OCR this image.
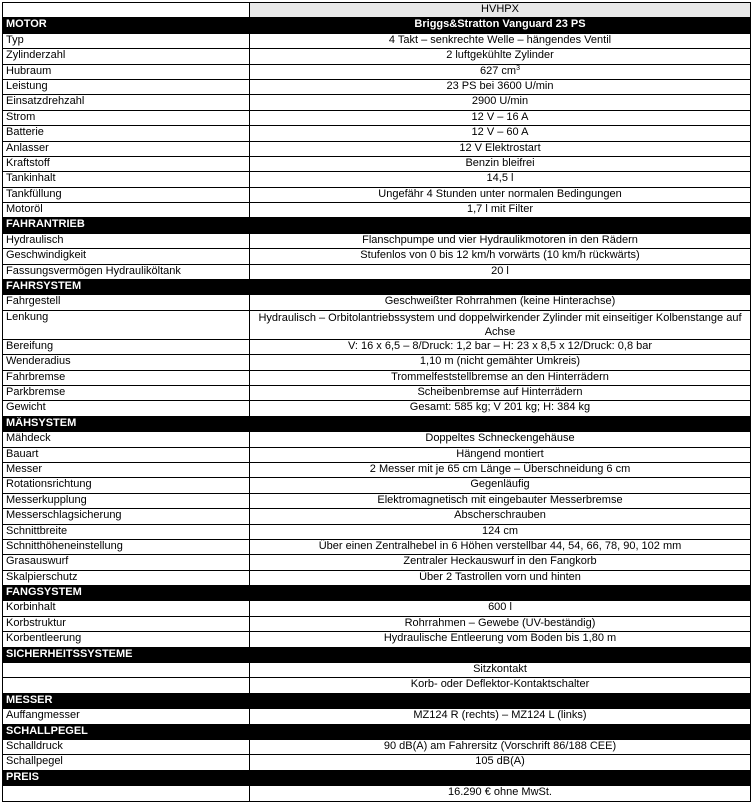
	HVHPX
MOTOR	Briggs&Stratton Vanguard 23 PS
Typ	4 Takt – senkrechte Welle – hängendes Ventil
Zylinderzahl	2 luftgekühlte Zylinder
Hubraum	627 $cm^3$
Leistung	23 PS bei 3600 U/min
Einsatzdrehzahl	2900 U/min
Strom	12 V – 16 A
Batterie	12 V – 60 A
Anlasser	12 V Elektrostart
Kraftstoff	Benzin bleifrei
Tankinhalt	14,5 l
Tankfüllung	Ungefähr 4 Stunden unter normalen Bedingungen
Motoröl	1,7 l mit Filter
FAHRANTRIEB	
Hydraulisch	Flanschpumpe und vier Hydraulikmotoren in den Rädern
Geschwindigkeit	Stufenlos von 0 bis 12 km/h vorwärts (10 km/h rückwärts)
Fassungsvermögen Hydrauliköltank	20 l
FAHRSYSTEM	
Fahrgestell	Geschweißter Rohrrahmen (keine Hinterachse)
Lenkung	Hydraulisch – Orbitolantriebssystem und doppelwirkender Zylinder mit einseitiger Kolbenstange auf Achse
Bereifung	V: 16 x 6,5 – 8/Druck: 1,2 bar – H: 23 x 8,5 x 12/Druck: 0,8 bar
Wenderadius	1,10 m (nicht gemähter Umkreis)
Fahrbremse	Trommelfeststellbremse an den Hinterrädern
Parkbremse	Scheibenbremse auf Hinterrädern
Gewicht	Gesamt: 585 kg; V 201 kg; H: 384 kg
MÄHSYSTEM	
Mähdeck	Doppeltes Schneckengehäuse
Bauart	Hängend montiert
Messer	2 Messer mit je 65 cm Länge – Überschneidung 6 cm
Rotationsrichtung	Gegenläufig
Messerkupplung	Elektromagnetisch mit eingebauter Messerbremse
Messerschlagsicherung	Abscherschrauben
Schnittbreite	124 cm
Schnitthöheneinstellung	Über einen Zentralhebel in 6 Höhen verstellbar 44, 54, 66, 78, 90, 102 mm
Grasauswurf	Zentraler Heckauswurf in den Fangkorb
Skalpierschutz	Über 2 Tastrollen vorn und hinten
FANGSYSTEM	
Korbinhalt	600 l
Korbstruktur	Rohrrahmen – Gewebe (UV-beständig)
Korbentleerung	Hydraulische Entleerung vom Boden bis 1,80 m
SICHERHEITSSYSTEME	
	Sitzkontakt
	Korb- oder Deflektor-Kontaktschalter
MESSER	
Auffangmesser	MZ124 R (rechts) – MZ124 L (links)
SCHALLPEGEL	
Schalldruck	90 dB(A) am Fahrersitz (Vorschrift 86/188 CEE)
Schallpegel	105 dB(A)
PREIS	
	16.290 € ohne MwSt.
